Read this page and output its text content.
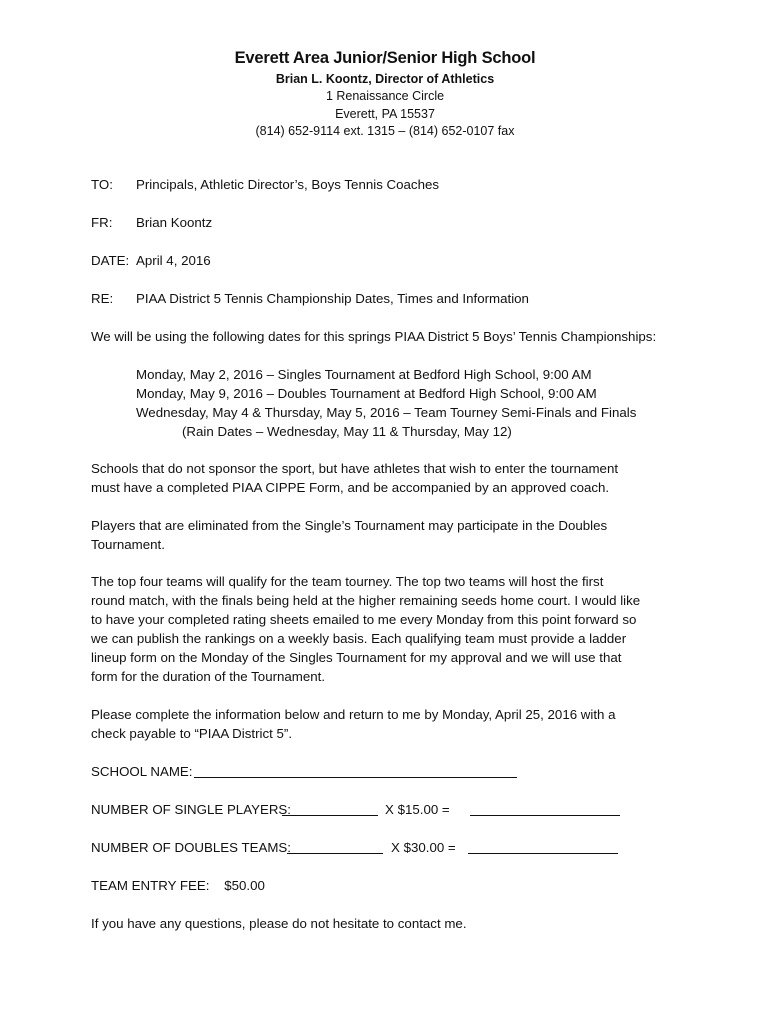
Everett Area Junior/Senior High School
Brian L. Koontz, Director of Athletics
1 Renaissance Circle
Everett, PA 15537
(814) 652-9114 ext. 1315 – (814) 652-0107 fax
TO: Principals, Athletic Director’s, Boys Tennis Coaches
FR: Brian Koontz
DATE: April 4, 2016
RE: PIAA District 5 Tennis Championship Dates, Times and Information
We will be using the following dates for this springs PIAA District 5 Boys’ Tennis Championships:
Monday, May 2, 2016 – Singles Tournament at Bedford High School, 9:00 AM
Monday, May 9, 2016 – Doubles Tournament at Bedford High School, 9:00 AM
Wednesday, May 4 & Thursday, May 5, 2016 – Team Tourney Semi-Finals and Finals
(Rain Dates – Wednesday, May 11 & Thursday, May 12)
Schools that do not sponsor the sport, but have athletes that wish to enter the tournament
must have a completed PIAA CIPPE Form, and be accompanied by an approved coach.
Players that are eliminated from the Single’s Tournament may participate in the Doubles
Tournament.
The top four teams will qualify for the team tourney. The top two teams will host the first
round match, with the finals being held at the higher remaining seeds home court. I would like
to have your completed rating sheets emailed to me every Monday from this point forward so
we can publish the rankings on a weekly basis. Each qualifying team must provide a ladder
lineup form on the Monday of the Singles Tournament for my approval and we will use that
form for the duration of the Tournament.
Please complete the information below and return to me by Monday, April 25, 2016 with a
check payable to “PIAA District 5”.
SCHOOL NAME:
NUMBER OF SINGLE PLAYERS:	X $15.00 =
NUMBER OF DOUBLES TEAMS:	X $30.00 =
TEAM ENTRY FEE: $50.00
If you have any questions, please do not hesitate to contact me.
